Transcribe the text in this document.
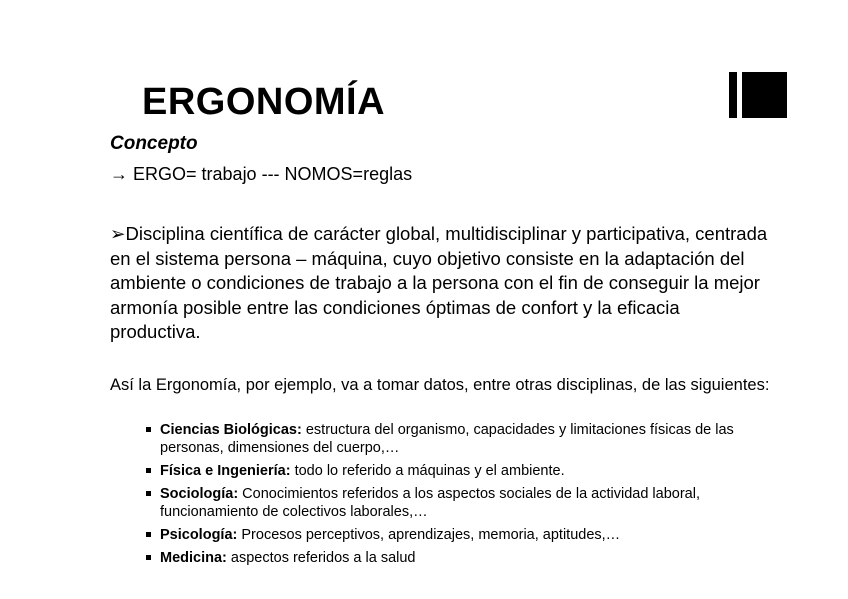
ERGONOMÍA
Concepto
→ ERGO= trabajo --- NOMOS=reglas

➢Disciplina científica de carácter global, multidisciplinar y participativa, centrada en el sistema persona – máquina, cuyo objetivo consiste en la adaptación del ambiente o condiciones de trabajo a la persona con el fin de conseguir la mejor armonía posible entre las condiciones óptimas de confort y la eficacia productiva.

Así la Ergonomía, por ejemplo, va a tomar datos, entre otras disciplinas, de las siguientes:

Ciencias Biológicas: estructura del organismo, capacidades y limitaciones físicas de las personas, dimensiones del cuerpo,…
Física e Ingeniería: todo lo referido a máquinas y el ambiente.
Sociología: Conocimientos referidos a los aspectos sociales de la actividad laboral, funcionamiento de colectivos laborales,…
Psicología: Procesos perceptivos, aprendizajes, memoria, aptitudes,…
Medicina: aspectos referidos a la salud
